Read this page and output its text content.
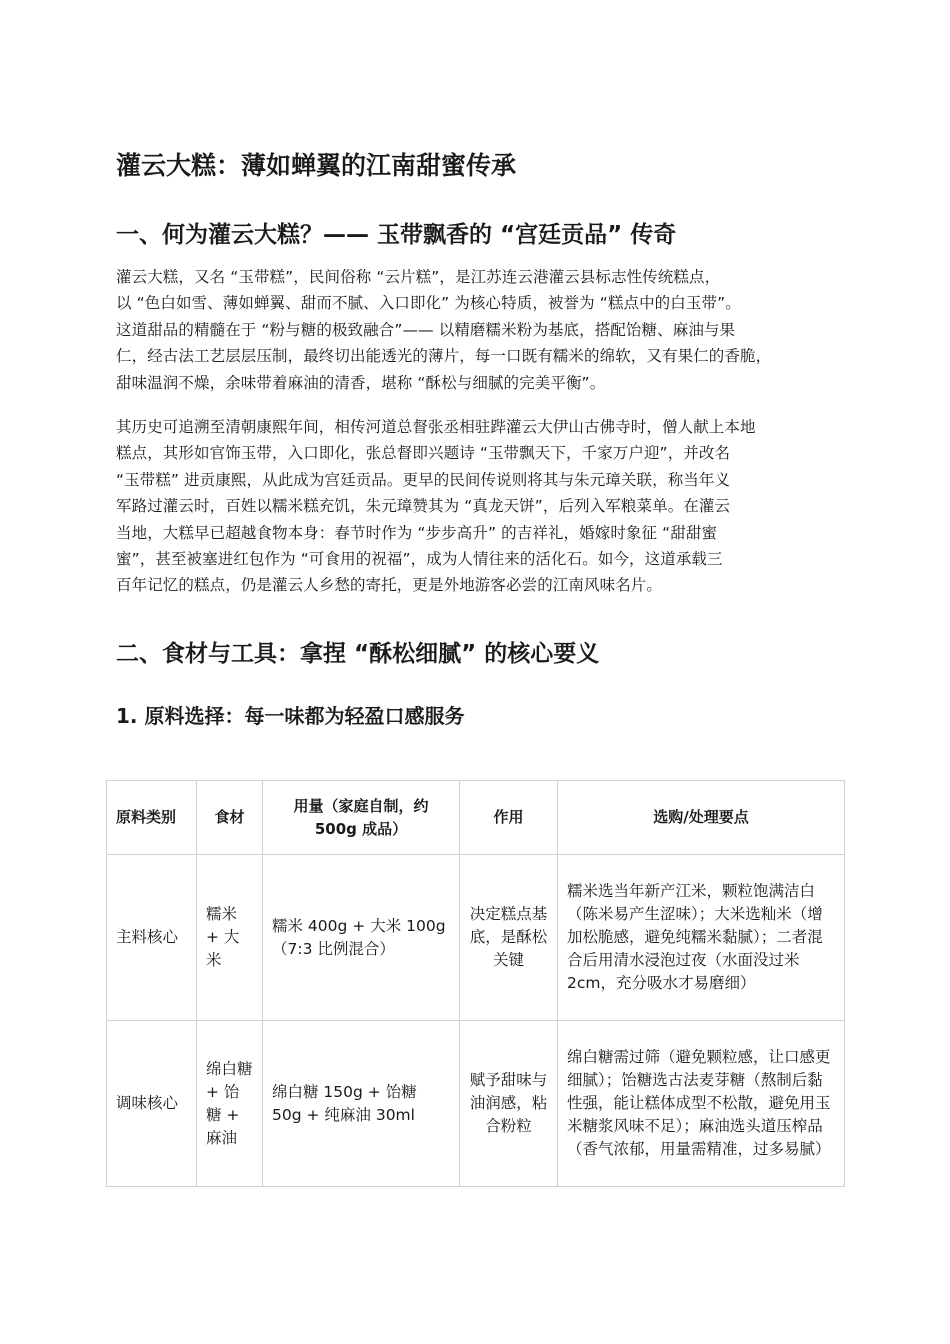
灌云大糕：薄如蝉翼的江南甜蜜传承
一、何为灌云大糕？—— 玉带飘香的 “宫廷贡品” 传奇
灌云大糕，又名 “玉带糕”，民间俗称 “云片糕”，是江苏连云港灌云县标志性传统糕点，
以 “色白如雪、薄如蝉翼、甜而不腻、入口即化” 为核心特质，被誉为 “糕点中的白玉带”。
这道甜品的精髓在于 “粉与糖的极致融合”—— 以精磨糯米粉为基底，搭配饴糖、麻油与果
仁，经古法工艺层层压制，最终切出能透光的薄片，每一口既有糯米的绵软，又有果仁的香脆，
甜味温润不燥，余味带着麻油的清香，堪称 “酥松与细腻的完美平衡”。
其历史可追溯至清朝康熙年间，相传河道总督张丞相驻跸灌云大伊山古佛寺时，僧人献上本地
糕点，其形如官饰玉带，入口即化，张总督即兴题诗 “玉带飘天下，千家万户迎”，并改名
“玉带糕” 进贡康熙，从此成为宫廷贡品。更早的民间传说则将其与朱元璋关联，称当年义
军路过灌云时，百姓以糯米糕充饥，朱元璋赞其为 “真龙天饼”，后列入军粮菜单。在灌云
当地，大糕早已超越食物本身：春节时作为 “步步高升” 的吉祥礼，婚嫁时象征 “甜甜蜜
蜜”，甚至被塞进红包作为 “可食用的祝福”，成为人情往来的活化石。如今，这道承载三
百年记忆的糕点，仍是灌云人乡愁的寄托，更是外地游客必尝的江南风味名片。
二、食材与工具：拿捏 “酥松细腻” 的核心要义
1. 原料选择：每一味都为轻盈口感服务
原料类别	食材	用量（家庭自制，约 500g 成品）	作用	选购/处理要点
主料核心	糯米 + 大米	糯米 400g + 大米 100g（7:3 比例混合）	决定糕点基底，是酥松关键	糯米选当年新产江米，颗粒饱满洁白（陈米易产生涩味）；大米选籼米（增加松脆感，避免纯糯米黏腻）；二者混合后用清水浸泡过夜（水面没过米 2cm，充分吸水才易磨细）
调味核心	绵白糖 + 饴糖 + 麻油	绵白糖 150g + 饴糖 50g + 纯麻油 30ml	赋予甜味与油润感，粘合粉粒	绵白糖需过筛（避免颗粒感，让口感更细腻）；饴糖选古法麦芽糖（熬制后黏性强，能让糕体成型不松散，避免用玉米糖浆风味不足）；麻油选头道压榨品（香气浓郁，用量需精准，过多易腻）
